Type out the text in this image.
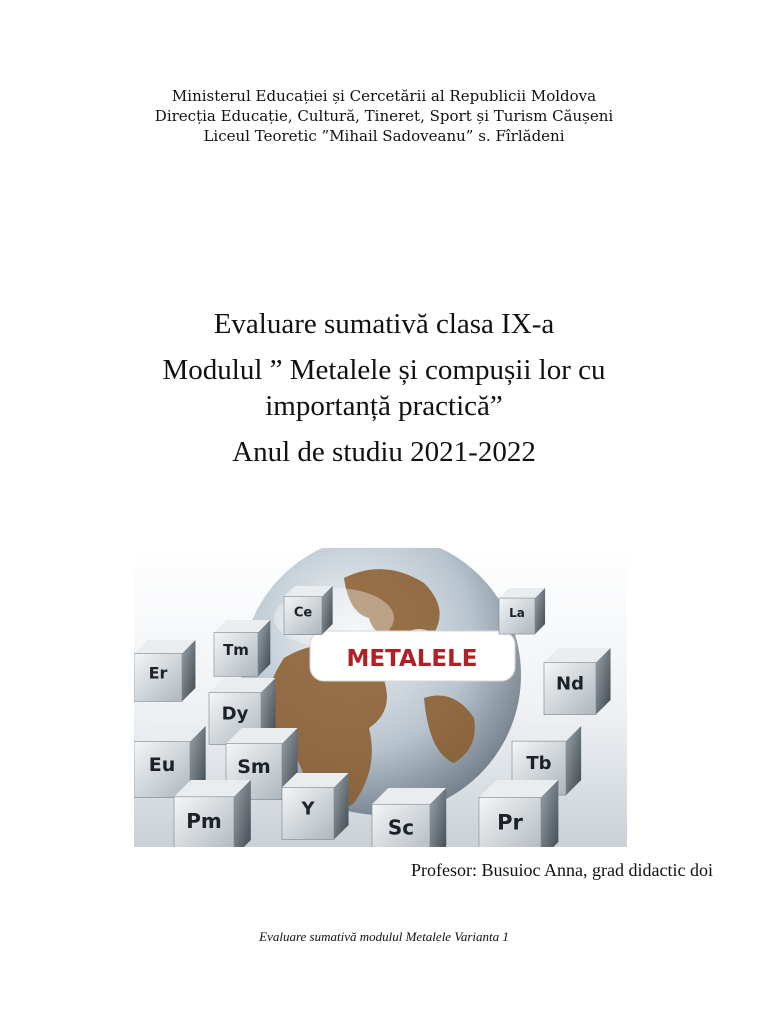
Ministerul Educației și Cercetării al Republicii Moldova
Direcția Educație, Cultură, Tineret, Sport și Turism Căușeni
Liceul Teoretic ”Mihail Sadoveanu” s. Fîrlădeni
Evaluare sumativă clasa IX-a
Modulul ” Metalele și compușii lor cu
importanță practică”
Anul de studiu 2021-2022
METALELE
Ce	La
Tm
Er
Nd
Dy
Eu	Sm	Tb
Pm	Y
Sc	Pr
Profesor: Busuioc Anna, grad didactic doi
Evaluare sumativă modulul Metalele Varianta 1
